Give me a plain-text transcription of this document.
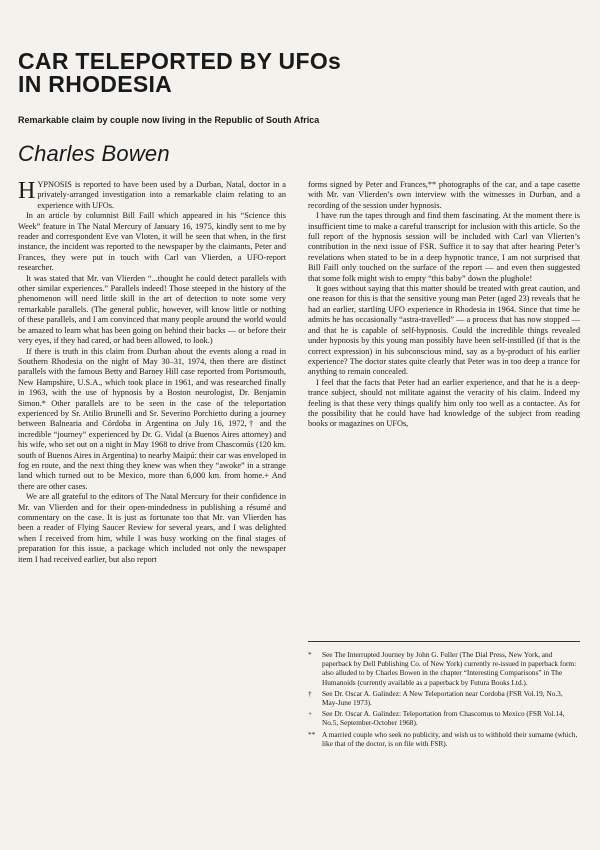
CAR TELEPORTED BY UFOs
IN RHODESIA

Remarkable claim by couple now living in the Republic of South Africa

Charles Bowen

HYPNOSIS is reported to have been used by a Durban, Natal, doctor in a privately-arranged investigation into a remarkable claim relating to an experience with UFOs.

In an article by columnist Bill Faill which appeared in his “Science this Week” feature in The Natal Mercury of January 16, 1975, kindly sent to me by reader and correspondent Eve van Vloten, it will be seen that when, in the first instance, the incident was reported to the newspaper by the claimants, Peter and Frances, they were put in touch with Carl van Vlierden, a UFO-report researcher.

It was stated that Mr. van Vlierden “...thought he could detect parallels with other similar experiences.” Parallels indeed! Those steeped in the history of the phenomenon will need little skill in the art of detection to note some very remarkable parallels. (The general public, however, will know little or nothing of these parallels, and I am convinced that many people around the world would be amazed to learn what has been going on behind their backs — or before their very eyes, if they had cared, or had been allowed, to look.)

If there is truth in this claim from Durban about the events along a road in Southern Rhodesia on the night of May 30–31, 1974, then there are distinct parallels with the famous Betty and Barney Hill case reported from Portsmouth, New Hampshire, U.S.A., which took place in 1961, and was researched finally in 1963, with the use of hypnosis by a Boston neurologist, Dr. Benjamin Simon.* Other parallels are to be seen in the case of the teleportation experienced by Sr. Atilio Brunelli and Sr. Severino Porchietto during a journey between Balnearia and Córdoba in Argentina on July 16, 1972,† and the incredible “journey” experienced by Dr. G. Vidal (a Buenos Aires attorney) and his wife, who set out on a night in May 1968 to drive from Chascomús (120 km. south of Buenos Aires in Argentina) to nearby Maipú: their car was enveloped in fog en route, and the next thing they knew was when they “awoke” in a strange land which turned out to be Mexico, more than 6,000 km. from home.+ And there are other cases.

We are all grateful to the editors of The Natal Mercury for their confidence in Mr. van Vlierden and for their open-mindedness in publishing a résumé and commentary on the case. It is just as fortunate too that Mr. van Vlierden has been a reader of Flying Saucer Review for several years, and I was delighted when I received from him, while I was busy working on the final stages of preparation for this issue, a package which included not only the newspaper item I had received earlier, but also report

forms signed by Peter and Frances,** photographs of the car, and a tape casette with Mr. van Vlierden’s own interview with the witnesses in Durban, and a recording of the session under hypnosis.

I have run the tapes through and find them fascinating. At the moment there is insufficient time to make a careful transcript for inclusion with this article. So the full report of the hypnosis session will be included with Carl van Vlierten’s contribution in the next issue of FSR. Suffice it to say that after hearing Peter’s revelations when stated to be in a deep hypnotic trance, I am not surprised that Bill Faill only touched on the surface of the report — and even then suggested that some folk might wish to empty “this baby” down the plughole!

It goes without saying that this matter should be treated with great caution, and one reason for this is that the sensitive young man Peter (aged 23) reveals that he had an earlier, startling UFO experience in Rhodesia in 1964. Since that time he admits he has occasionally “astra-travelled” — a process that has now stopped — and that he is capable of self-hypnosis. Could the incredible things revealed under hypnosis by this young man possibly have been self-instilled (if that is the correct expression) in his subconscious mind, say as a by-product of his earlier experience? The doctor states quite clearly that Peter was in too deep a trance for anything to remain concealed.

I feel that the facts that Peter had an earlier experience, and that he is a deep-trance subject, should not militate against the veracity of his claim. Indeed my feeling is that these very things qualify him only too well as a contactee. As for the possibility that he could have had knowledge of the subject from reading books or magazines on UFOs,

*	See The Interrupted Journey by John G. Fuller (The Dial Press, New York, and paperback by Dell Publishing Co. of New York) currently re-issued in paperback form: also alluded to by Charles Bowen in the chapter “Interesting Comparisons” in The Humanoids (currently available as a paperback by Futura Books Ltd.).
†	See Dr. Oscar A. Galindez: A New Teleportation near Cordoba (FSR Vol.19, No.3, May-June 1973).
+	See Dr. Oscar A. Galindez: Teleportation from Chascomus to Mexico (FSR Vol.14, No.5, September-October 1968).
** A married couple who seek no publicity, and wish us to withhold their surname (which, like that of the doctor, is on file with FSR).
